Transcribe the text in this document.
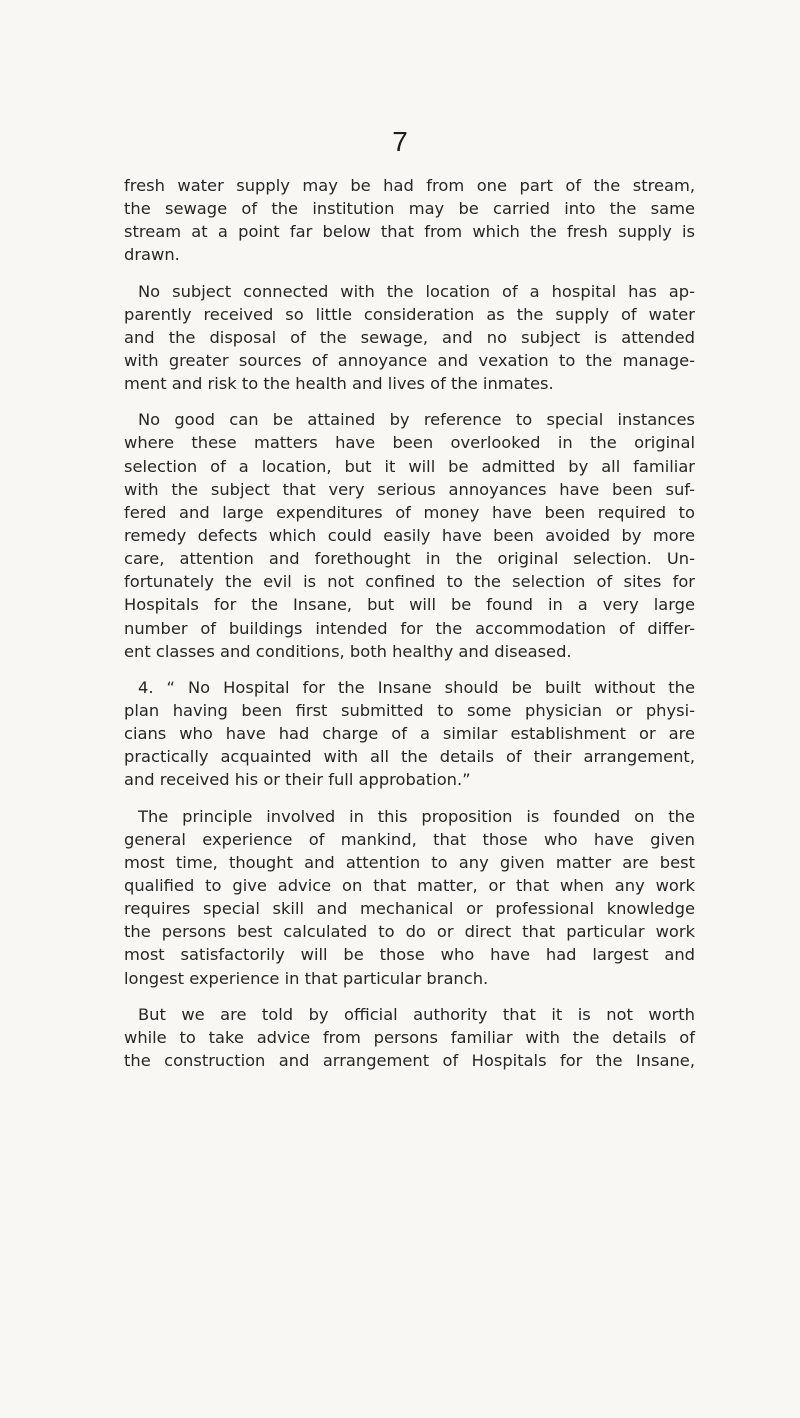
7
fresh water supply may be had from one part of the stream,
the sewage of the institution may be carried into the same
stream at a point far below that from which the fresh supply is
drawn.
No subject connected with the location of a hospital has ap-
parently received so little consideration as the supply of water
and the disposal of the sewage, and no subject is attended
with greater sources of annoyance and vexation to the manage-
ment and risk to the health and lives of the inmates.
No good can be attained by reference to special instances
where these matters have been overlooked in the original
selection of a location, but it will be admitted by all familiar
with the subject that very serious annoyances have been suf-
fered and large expenditures of money have been required to
remedy defects which could easily have been avoided by more
care, attention and forethought in the original selection. Un-
fortunately the evil is not confined to the selection of sites for
Hospitals for the Insane, but will be found in a very large
number of buildings intended for the accommodation of differ-
ent classes and conditions, both healthy and diseased.
4. “ No Hospital for the Insane should be built without the
plan having been first submitted to some physician or physi-
cians who have had charge of a similar establishment or are
practically acquainted with all the details of their arrangement,
and received his or their full approbation.”
The principle involved in this proposition is founded on the
general experience of mankind, that those who have given
most time, thought and attention to any given matter are best
qualified to give advice on that matter, or that when any work
requires special skill and mechanical or professional knowledge
the persons best calculated to do or direct that particular work
most satisfactorily will be those who have had largest and
longest experience in that particular branch.
But we are told by official authority that it is not worth
while to take advice from persons familiar with the details of
the construction and arrangement of Hospitals for the Insane,
